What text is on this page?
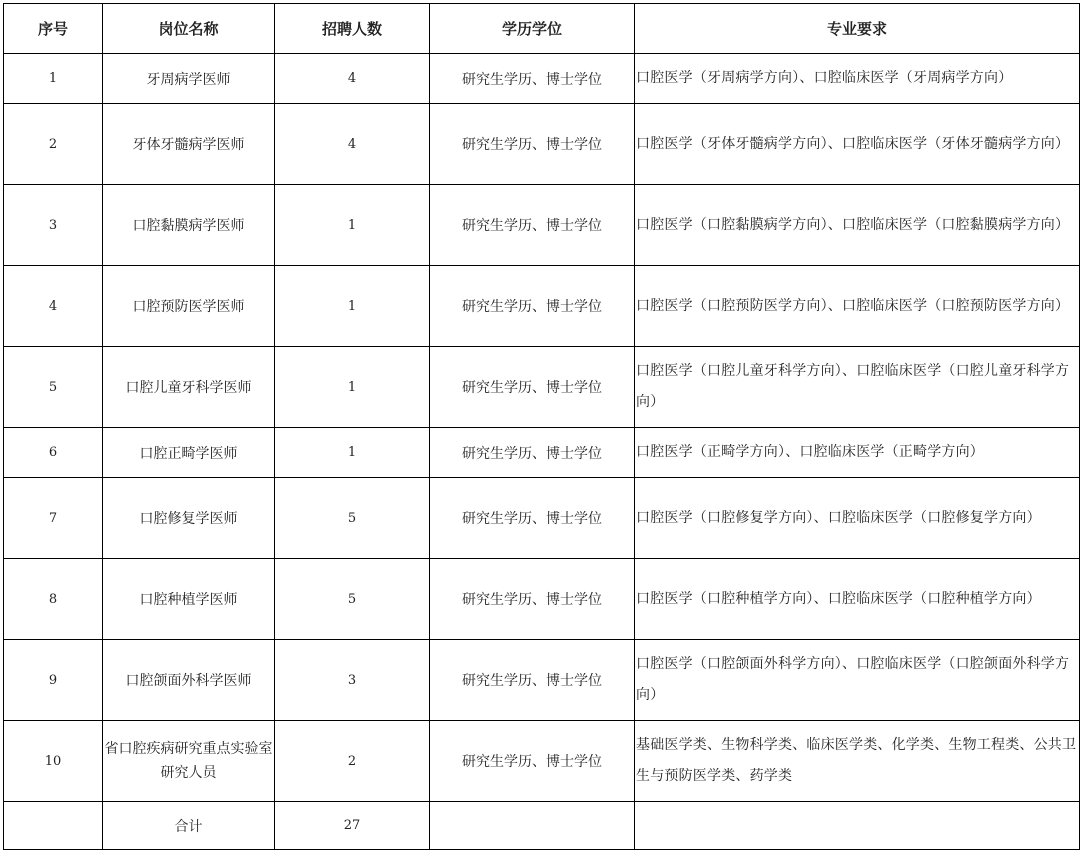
序号	岗位名称	招聘人数	学历学位	专业要求
1	牙周病学医师	4	研究生学历、博士学位	口腔医学（牙周病学方向）、口腔临床医学（牙周病学方向）
2	牙体牙髓病学医师	4	研究生学历、博士学位	口腔医学（牙体牙髓病学方向）、口腔临床医学（牙体牙髓病学方向）
3	口腔黏膜病学医师	1	研究生学历、博士学位	口腔医学（口腔黏膜病学方向）、口腔临床医学（口腔黏膜病学方向）
4	口腔预防医学医师	1	研究生学历、博士学位	口腔医学（口腔预防医学方向）、口腔临床医学（口腔预防医学方向）
5	口腔儿童牙科学医师	1	研究生学历、博士学位	口腔医学（口腔儿童牙科学方向）、口腔临床医学（口腔儿童牙科学方向）
6	口腔正畸学医师	1	研究生学历、博士学位	口腔医学（正畸学方向）、口腔临床医学（正畸学方向）
7	口腔修复学医师	5	研究生学历、博士学位	口腔医学（口腔修复学方向）、口腔临床医学（口腔修复学方向）
8	口腔种植学医师	5	研究生学历、博士学位	口腔医学（口腔种植学方向）、口腔临床医学（口腔种植学方向）
9	口腔颌面外科学医师	3	研究生学历、博士学位	口腔医学（口腔颌面外科学方向）、口腔临床医学（口腔颌面外科学方向）
10	省口腔疾病研究重点实验室研究人员	2	研究生学历、博士学位	基础医学类、生物科学类、临床医学类、化学类、生物工程类、公共卫生与预防医学类、药学类
	合计	27		
